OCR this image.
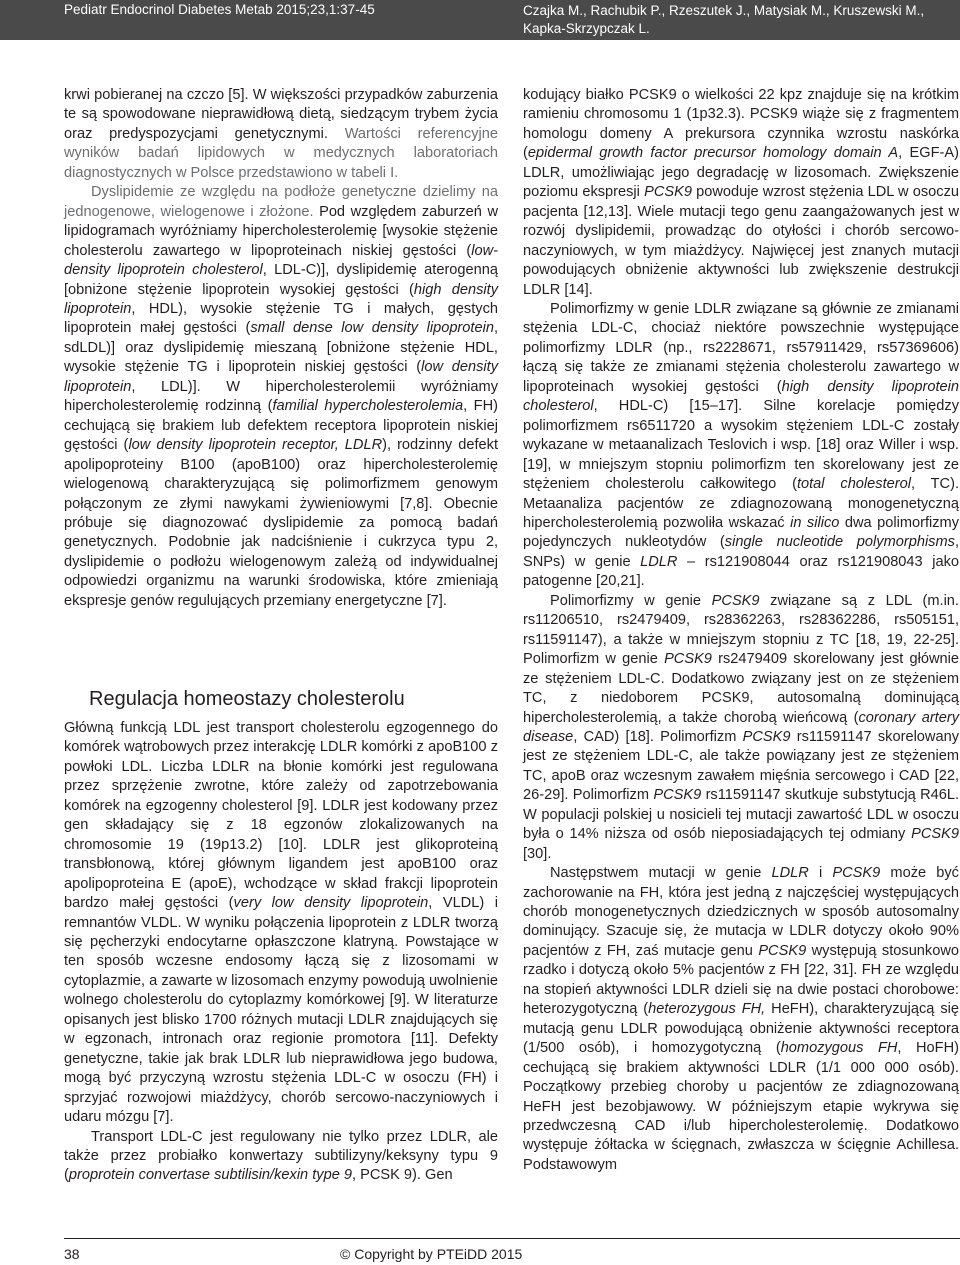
Pediatr Endocrinol Diabetes Metab 2015;23,1:37-45	Czajka M., Rachubik P., Rzeszutek J., Matysiak M., Kruszewski M.,
Kapka-Skrzypczak L.

krwi pobieranej na czczo [5]. W większości przypadków zaburzenia te są spowodowane nieprawidłową dietą, siedzącym trybem życia oraz predyspozycjami genetycznymi. Wartości referencyjne wyników badań lipidowych w medycznych laboratoriach diagnostycznych w Polsce przedstawiono w tabeli I.

Dyslipidemie ze względu na podłoże genetyczne dzielimy na jednogenowe, wielogenowe i złożone. Pod względem zaburzeń w lipidogramach wyróżniamy hipercholesterolemię [wysokie stężenie cholesterolu zawartego w lipoproteinach niskiej gęstości (low-density lipoprotein cholesterol, LDL-C)], dyslipidemię aterogenną [obniżone stężenie lipoprotein wysokiej gęstości (high density lipoprotein, HDL), wysokie stężenie TG i małych, gęstych lipoprotein małej gęstości (small dense low density lipoprotein, sdLDL)] oraz dyslipidemię mieszaną [obniżone stężenie HDL, wysokie stężenie TG i lipoprotein niskiej gęstości (low density lipoprotein, LDL)]. W hipercholesterolemii wyróżniamy hipercholesterolemię rodzinną (familial hypercholesterolemia, FH) cechującą się brakiem lub defektem receptora lipoprotein niskiej gęstości (low density lipoprotein receptor, LDLR), rodzinny defekt apolipoproteiny B100 (apoB100) oraz hipercholesterolemię wielogenową charakteryzującą się polimorfizmem genowym połączonym ze złymi nawykami żywieniowymi [7,8]. Obecnie próbuje się diagnozować dyslipidemie za pomocą badań genetycznych. Podobnie jak nadciśnienie i cukrzyca typu 2, dyslipidemie o podłożu wielogenowym zależą od indywidualnej odpowiedzi organizmu na warunki środowiska, które zmieniają ekspresje genów regulujących przemiany energetyczne [7].

Regulacja homeostazy cholesterolu

Główną funkcją LDL jest transport cholesterolu egzogennego do komórek wątrobowych przez interakcję LDLR komórki z apoB100 z powłoki LDL. Liczba LDLR na błonie komórki jest regulowana przez sprzężenie zwrotne, które zależy od zapotrzebowania komórek na egzogenny cholesterol [9]. LDLR jest kodowany przez gen składający się z 18 egzonów zlokalizowanych na chromosomie 19 (19p13.2) [10]. LDLR jest glikoproteiną transbłonową, której głównym ligandem jest apoB100 oraz apolipoproteina E (apoE), wchodzące w skład frakcji lipoprotein bardzo małej gęstości (very low density lipoprotein, VLDL) i remnantów VLDL. W wyniku połączenia lipoprotein z LDLR tworzą się pęcherzyki endocytarne opłaszczone klatryną. Powstające w ten sposób wczesne endosomy łączą się z lizosomami w cytoplazmie, a zawarte w lizosomach enzymy powodują uwolnienie wolnego cholesterolu do cytoplazmy komórkowej [9]. W literaturze opisanych jest blisko 1700 różnych mutacji LDLR znajdujących się w egzonach, intronach oraz regionie promotora [11]. Defekty genetyczne, takie jak brak LDLR lub nieprawidłowa jego budowa, mogą być przyczyną wzrostu stężenia LDL-C w osoczu (FH) i sprzyjać rozwojowi miażdżycy, chorób sercowo-naczyniowych i udaru mózgu [7].

Transport LDL-C jest regulowany nie tylko przez LDLR, ale także przez probiałko konwertazy subtilizyny/keksyny typu 9 (proprotein convertase subtilisin/kexin type 9, PCSK 9). Gen

kodujący białko PCSK9 o wielkości 22 kpz znajduje się na krótkim ramieniu chromosomu 1 (1p32.3). PCSK9 wiąże się z fragmentem homologu domeny A prekursora czynnika wzrostu naskórka (epidermal growth factor precursor homology domain A, EGF-A) LDLR, umożliwiając jego degradację w lizosomach. Zwiększenie poziomu ekspresji PCSK9 powoduje wzrost stężenia LDL w osoczu pacjenta [12,13]. Wiele mutacji tego genu zaangażowanych jest w rozwój dyslipidemii, prowadząc do otyłości i chorób sercowo-naczyniowych, w tym miażdżycy. Najwięcej jest znanych mutacji powodujących obniżenie aktywności lub zwiększenie destrukcji LDLR [14].

Polimorfizmy w genie LDLR związane są głównie ze zmianami stężenia LDL-C, chociaż niektóre powszechnie występujące polimorfizmy LDLR (np., rs2228671, rs57911429, rs57369606) łączą się także ze zmianami stężenia cholesterolu zawartego w lipoproteinach wysokiej gęstości (high density lipoprotein cholesterol, HDL-C) [15–17]. Silne korelacje pomiędzy polimorfizmem rs6511720 a wysokim stężeniem LDL-C zostały wykazane w metaanalizach Teslovich i wsp. [18] oraz Willer i wsp. [19], w mniejszym stopniu polimorfizm ten skorelowany jest ze stężeniem cholesterolu całkowitego (total cholesterol, TC). Metaanaliza pacjentów ze zdiagnozowaną monogenetyczną hipercholesterolemią pozwoliła wskazać in silico dwa polimorfizmy pojedynczych nukleotydów (single nucleotide polymorphisms, SNPs) w genie LDLR – rs121908044 oraz rs121908043 jako patogenne [20,21].

Polimorfizmy w genie PCSK9 związane są z LDL (m.in. rs11206510, rs2479409, rs28362263, rs28362286, rs505151, rs11591147), a także w mniejszym stopniu z TC [18, 19, 22-25]. Polimorfizm w genie PCSK9 rs2479409 skorelowany jest głównie ze stężeniem LDL-C. Dodatkowo związany jest on ze stężeniem TC, z niedoborem PCSK9, autosomalną dominującą hipercholesterolemią, a także chorobą wieńcową (coronary artery disease, CAD) [18]. Polimorfizm PCSK9 rs11591147 skorelowany jest ze stężeniem LDL-C, ale także powiązany jest ze stężeniem TC, apoB oraz wczesnym zawałem mięśnia sercowego i CAD [22, 26-29]. Polimorfizm PCSK9 rs11591147 skutkuje substytucją R46L. W populacji polskiej u nosicieli tej mutacji zawartość LDL w osoczu była o 14% niższa od osób nieposiadających tej odmiany PCSK9 [30].

Następstwem mutacji w genie LDLR i PCSK9 może być zachorowanie na FH, która jest jedną z najczęściej występujących chorób monogenetycznych dziedzicznych w sposób autosomalny dominujący. Szacuje się, że mutacja w LDLR dotyczy około 90% pacjentów z FH, zaś mutacje genu PCSK9 występują stosunkowo rzadko i dotyczą około 5% pacjentów z FH [22, 31]. FH ze względu na stopień aktywności LDLR dzieli się na dwie postaci chorobowe: heterozygotyczną (heterozygous FH, HeFH), charakteryzującą się mutacją genu LDLR powodującą obniżenie aktywności receptora (1/500 osób), i homozygotyczną (homozygous FH, HoFH) cechującą się brakiem aktywności LDLR (1/1 000 000 osób). Początkowy przebieg choroby u pacjentów ze zdiagnozowaną HeFH jest bezobjawowy. W późniejszym etapie wykrywa się przedwczesną CAD i/lub hipercholesterolemię. Dodatkowo występuje żółtacka w ścięgnach, zwłaszcza w ścięgnie Achillesa. Podstawowym

38	© Copyright by PTEiDD 2015
